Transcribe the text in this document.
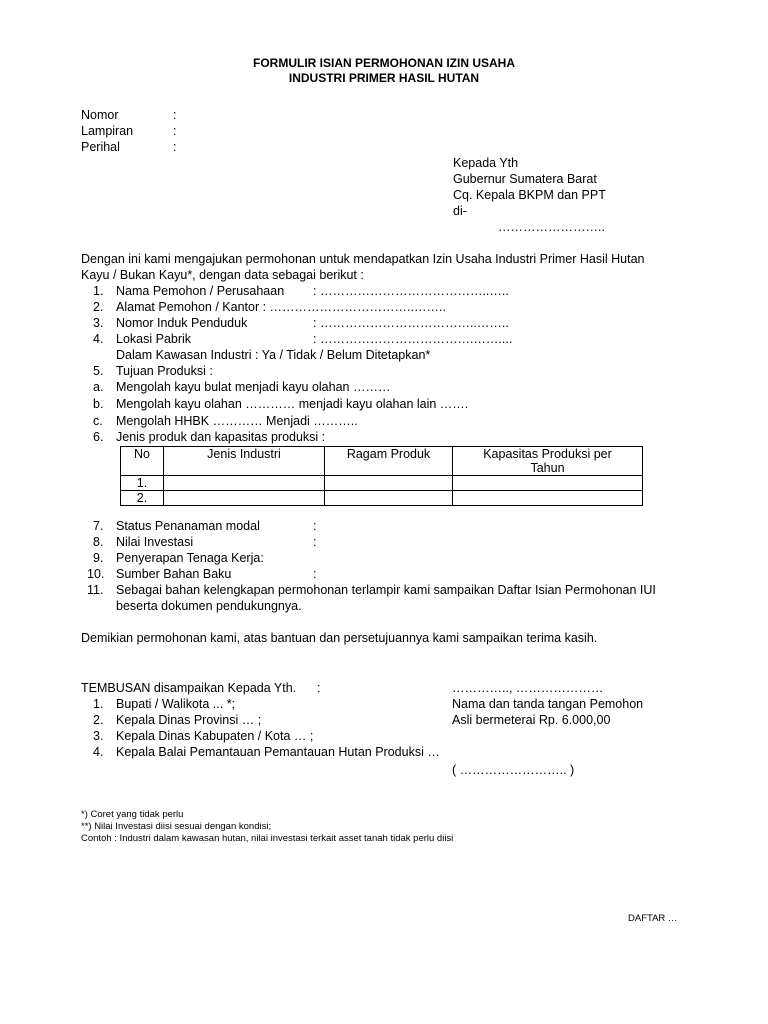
FORMULIR ISIAN PERMOHONAN IZIN USAHA
INDUSTRI PRIMER HASIL HUTAN
Nomor	:
Lampiran	:
Perihal	:
Kepada Yth
Gubernur Sumatera Barat
Cq. Kepala BKPM dan PPT
di-
……………………..
Dengan ini kami mengajukan permohonan untuk mendapatkan Izin Usaha Industri Primer Hasil Hutan
Kayu / Bukan Kayu*, dengan data sebagai berikut :
1. Nama Pemohon / Perusahaan : …………………………………..…..
2. Alamat Pemohon / Kantor : ……………………………..……..
3. Nomor Induk Penduduk	: ………………………………..……..
4. Lokasi Pabrik	: ……………………………….……....
Dalam Kawasan Industri : Ya / Tidak / Belum Ditetapkan*
5. Tujuan Produksi :
a. Mengolah kayu bulat menjadi kayu olahan ………
b. Mengolah kayu olahan ………… menjadi kayu olahan lain …….
c. Mengolah HHBK ………… Menjadi ………..
6. Jenis produk dan kapasitas produksi :
No	Jenis Industri	Ragam Produk	Kapasitas Produksi per
Tahun
1.			
2.			
7. Status Penanaman modal	:
8. Nilai Investasi	:
9. Penyerapan Tenaga Kerja:
10. Sumber Bahan Baku	:
11. Sebagai bahan kelengkapan permohonan terlampir kami sampaikan Daftar Isian Permohonan IUI
beserta dokumen pendukungnya.
Demikian permohonan kami, atas bantuan dan persetujuannya kami sampaikan terima kasih.
TEMBUSAN disampaikan Kepada Yth. :
1. Bupati / Walikota ... *;
2. Kepala Dinas Provinsi … ;
3. Kepala Dinas Kabupaten / Kota … ;
4. Kepala Balai Pemantauan Pemantauan Hutan Produksi …
………….., …………………
Nama dan tanda tangan Pemohon
Asli bermeterai Rp. 6.000,00
( …………………….. )
*) Coret yang tidak perlu
**) Nilai Investasi diisi sesuai dengan kondisi;
Contoh : Industri dalam kawasan hutan, nilai investasi terkait asset tanah tidak perlu diisi
DAFTAR …
